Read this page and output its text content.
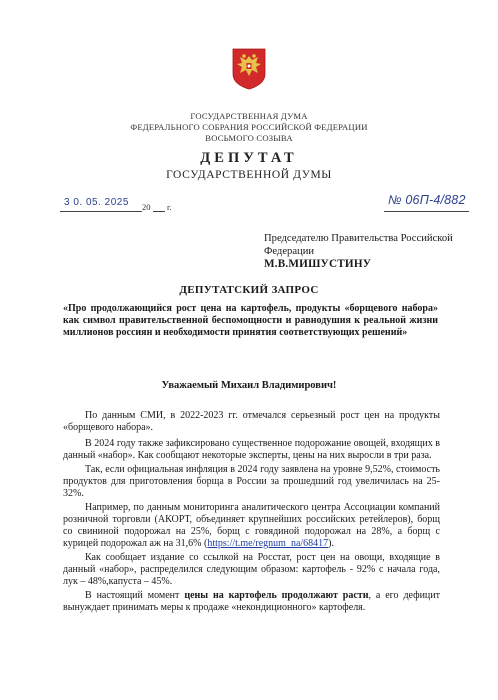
ГОСУДАРСТВЕННАЯ ДУМА
ФЕДЕРАЛЬНОГО СОБРАНИЯ РОССИЙСКОЙ ФЕДЕРАЦИИ
ВОСЬМОГО СОЗЫВА
ДЕПУТАТ
ГОСУДАРСТВЕННОЙ ДУМЫ
3 0. 05. 2025 20 г.	№ 06П-4/882
Председателю Правительства Российской Федерации
М.В.МИШУСТИНУ
ДЕПУТАТСКИЙ ЗАПРОС
«Про продолжающийся рост цена на картофель, продукты «борщевого набора» как символ правительственной беспомощности и равнодушия к реальной жизни миллионов россиян и необходимости принятия соответствующих решений»
Уважаемый Михаил Владимирович!

По данным СМИ, в 2022-2023 гг. отмечался серьезный рост цен на продукты «борщевого набора».

В 2024 году также зафиксировано существенное подорожание овощей, входящих в данный «набор». Как сообщают некоторые эксперты, цены на них выросли в три раза.

Так, если официальная инфляция в 2024 году заявлена на уровне 9,52%, стоимость продуктов для приготовления борща в России за прошедший год увеличилась на 25-32%.

Например, по данным мониторинга аналитического центра Ассоциации компаний розничной торговли (АКОРТ, объединяет крупнейших российских ретейлеров), борщ со свининой подорожал на 25%, борщ с говядиной подорожал на 28%, а борщ с курицей подорожал аж на 31,6% (https://t.me/regnum_na/68417).

Как сообщает издание со ссылкой на Росстат, рост цен на овощи, входящие в данный «набор», распределился следующим образом: картофель - 92% с начала года, лук – 48%,капуста – 45%.

В настоящий момент цены на картофель продолжают расти, а его дефицит вынуждает принимать меры к продаже «некондиционного» картофеля.
